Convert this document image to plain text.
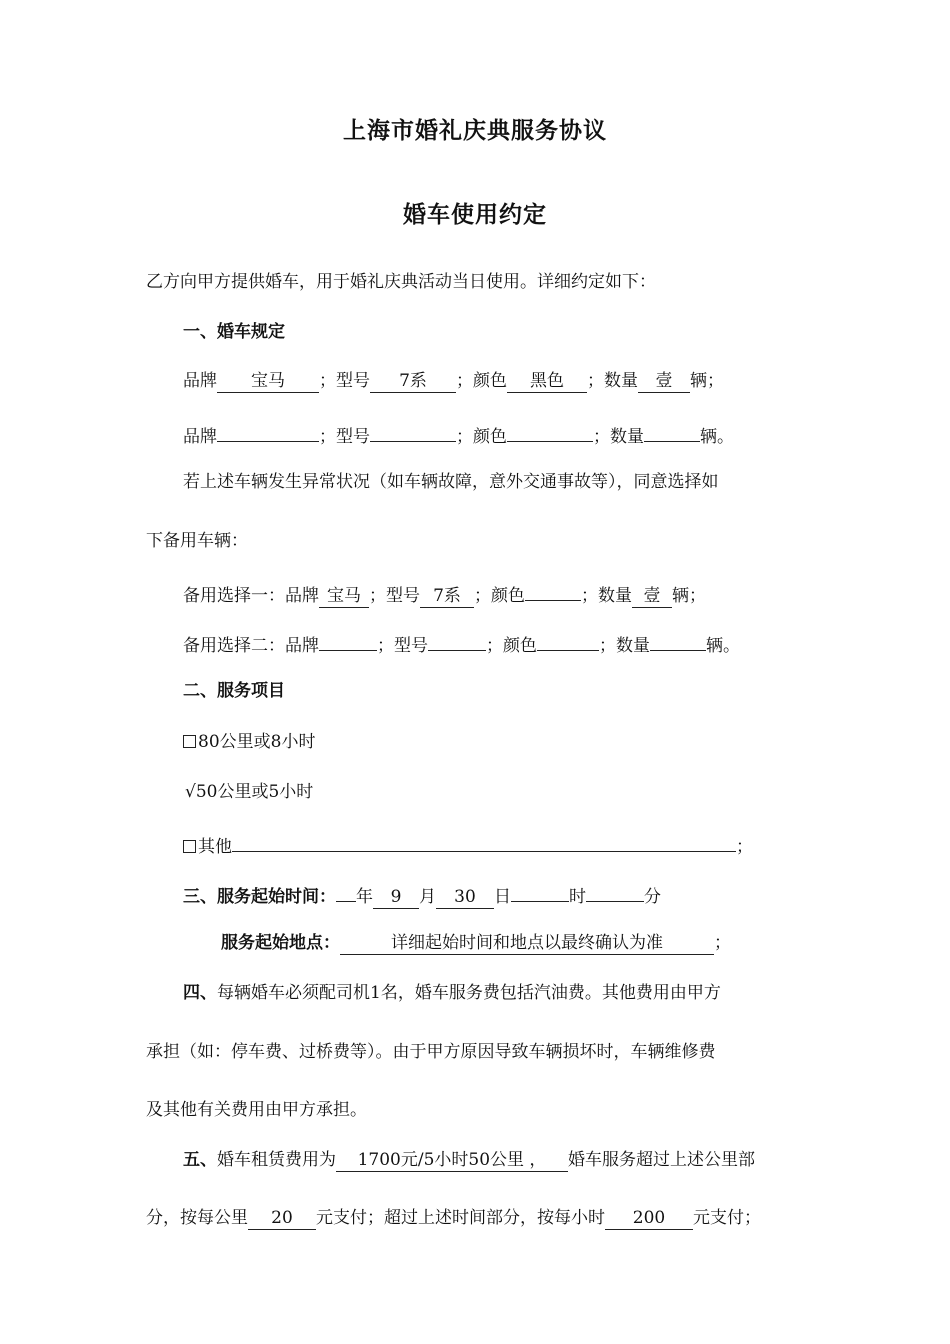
上海市婚礼庆典服务协议
婚车使用约定
乙方向甲方提供婚车，用于婚礼庆典活动当日使用。详细约定如下：
一、婚车规定
品牌 宝马 ；型号 7系 ；颜色 黑色 ；数量 壹 辆；
品牌	；型号	；颜色	；数量	辆。
若上述车辆发生异常状况（如车辆故障，意外交通事故等），同意选择如
下备用车辆：
备用选择一：品牌 宝马 ；型号 7系 ；颜色	；数量 壹 辆；
备用选择二：品牌	；型号	；颜色	；数量	辆。
二、服务项目
80公里或8小时
√50公里或5小时
其他	；
三、服务起始时间： 年 9 月 30 日	时	分
服务起始地点：	详细起始时间和地点以最终确认为准	；
四、每辆婚车必须配司机1名，婚车服务费包括汽油费。其他费用由甲方
承担（如：停车费、过桥费等）。由于甲方原因导致车辆损坏时，车辆维修费
及其他有关费用由甲方承担。
五、婚车租赁费用为 1700元/5小时50公里 ， 婚车服务超过上述公里部
分，按每公里 20 元支付；超过上述时间部分，按每小时 200 元支付；
